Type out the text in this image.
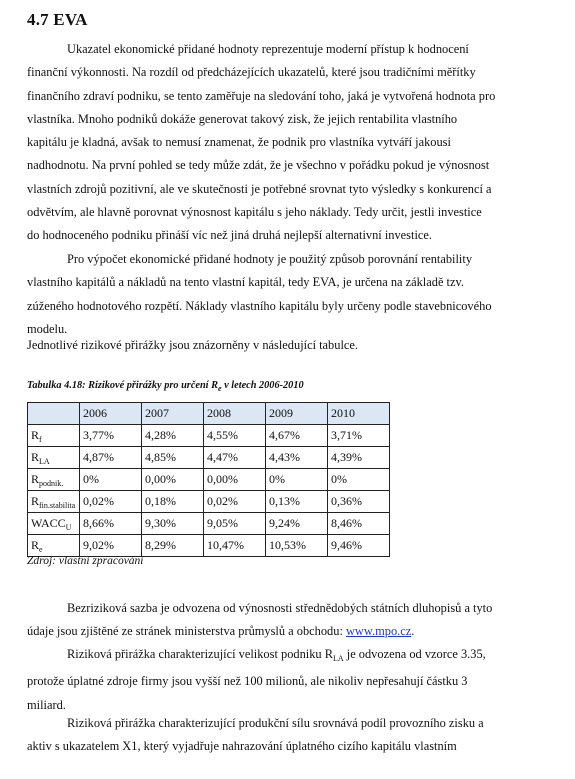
4.7 EVA
Ukazatel ekonomické přidané hodnoty reprezentuje moderní přístup k hodnocení
finanční výkonnosti. Na rozdíl od předcházejících ukazatelů, které jsou tradičními měřítky
finančního zdraví podniku, se tento zaměřuje na sledování toho, jaká je vytvořená hodnota pro
vlastníka. Mnoho podniků dokáže generovat takový zisk, že jejich rentabilita vlastního
kapitálu je kladná, avšak to nemusí znamenat, že podnik pro vlastníka vytváří jakousi
nadhodnotu. Na první pohled se tedy může zdát, že je všechno v pořádku pokud je výnosnost
vlastních zdrojů pozitivní, ale ve skutečnosti je potřebné srovnat tyto výsledky s konkurencí a
odvětvím, ale hlavně porovnat výnosnost kapitálu s jeho náklady. Tedy určit, jestli investice
do hodnoceného podniku přináší víc než jiná druhá nejlepší alternativní investice.
Pro výpočet ekonomické přidané hodnoty je použitý způsob porovnání rentability
vlastního kapitálů a nákladů na tento vlastní kapitál, tedy EVA, je určena na základě tzv.
zúženého hodnotového rozpětí. Náklady vlastního kapitálu byly určeny podle stavebnicového
modelu.
Jednotlivé rizikové přirážky jsou znázorněny v následující tabulce.

Tabulka 4.18: Rizikové přirážky pro určení $R_e$ v letech 2006-2010

	2006	2007	2008	2009	2010
$R_f$	3,77%	4,28%	4,55%	4,67%	3,71%
$R_{LA}$	4,87%	4,85%	4,47%	4,43%	4,39%
$R_{podnik.}$	0%	0,00%	0,00%	0%	0%
$R_{fin.stabilita}$	0,02%	0,18%	0,02%	0,13%	0,36%
$WACC_U$	8,66%	9,30%	9,05%	9,24%	8,46%
$R_e$	9,02%	8,29%	10,47%	10,53%	9,46%

Zdroj: vlastní zpracování

Bezriziková sazba je odvozena od výnosnosti střednědobých státních dluhopisů a tyto
údaje jsou zjištěné ze stránek ministerstva průmyslů a obchodu: www.mpo.cz.
Riziková přirážka charakterizující velikost podniku $R_{LA}$ je odvozena od vzorce 3.35,
protože úplatné zdroje firmy jsou vyšší než 100 milionů, ale nikoliv nepřesahují částku 3
miliard.
Riziková přirážka charakterizující produkční sílu srovnává podíl provozního zisku a
aktiv s ukazatelem X1, který vyjadřuje nahrazování úplatného cizího kapitálu vlastním
